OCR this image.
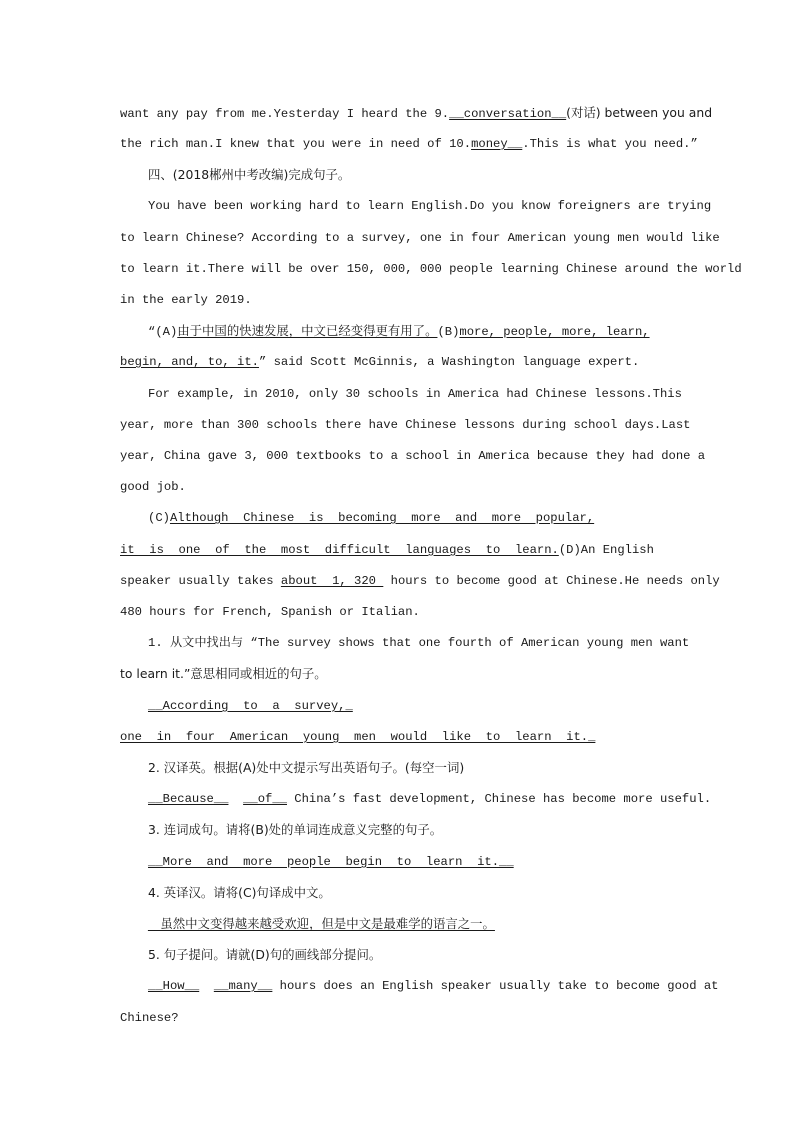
want any pay from me.Yesterday I heard the 9.__conversation__(对话) between you and
the rich man.I knew that you were in need of 10.money__.This is what you need.”
四、(2018郴州中考改编)完成句子。
You have been working hard to learn English.Do you know foreigners are trying
to learn Chinese? According to a survey, one in four American young men would like
to learn it.There will be over 150, 000, 000 people learning Chinese around the world
in the early 2019.
“(A)由于中国的快速发展，中文已经变得更有用了。(B)more, people, more, learn,
begin, and, to, it.” said Scott McGinnis, a Washington language expert.
For example, in 2010, only 30 schools in America had Chinese lessons.This
year, more than 300 schools there have Chinese lessons during school days.Last
year, China gave 3, 000 textbooks to a school in America because they had done a
good job.
(C)Although  Chinese  is  becoming  more  and  more  popular,
it  is  one  of  the  most  difficult  languages  to  learn.(D)An English
speaker usually takes about  1, 320  hours to become good at Chinese.He needs only
480 hours for French, Spanish or Italian.
1. 从文中找出与 “The survey shows that one fourth of American young men want
to learn it.”意思相同或相近的句子。
__According  to  a  survey,_
one  in  four  American  young  men  would  like  to  learn  it._
2. 汉译英。根据(A)处中文提示写出英语句子。(每空一词)
__Because__ __of__ China’s fast development, Chinese has become more useful.
3. 连词成句。请将(B)处的单词连成意义完整的句子。
__More  and  more  people  begin  to  learn  it.__
4. 英译汉。请将(C)句译成中文。
__虽然中文变得越来越受欢迎，但是中文是最难学的语言之一。
5. 句子提问。请就(D)句的画线部分提问。
__How__ __many__ hours does an English speaker usually take to become good at
Chinese?
